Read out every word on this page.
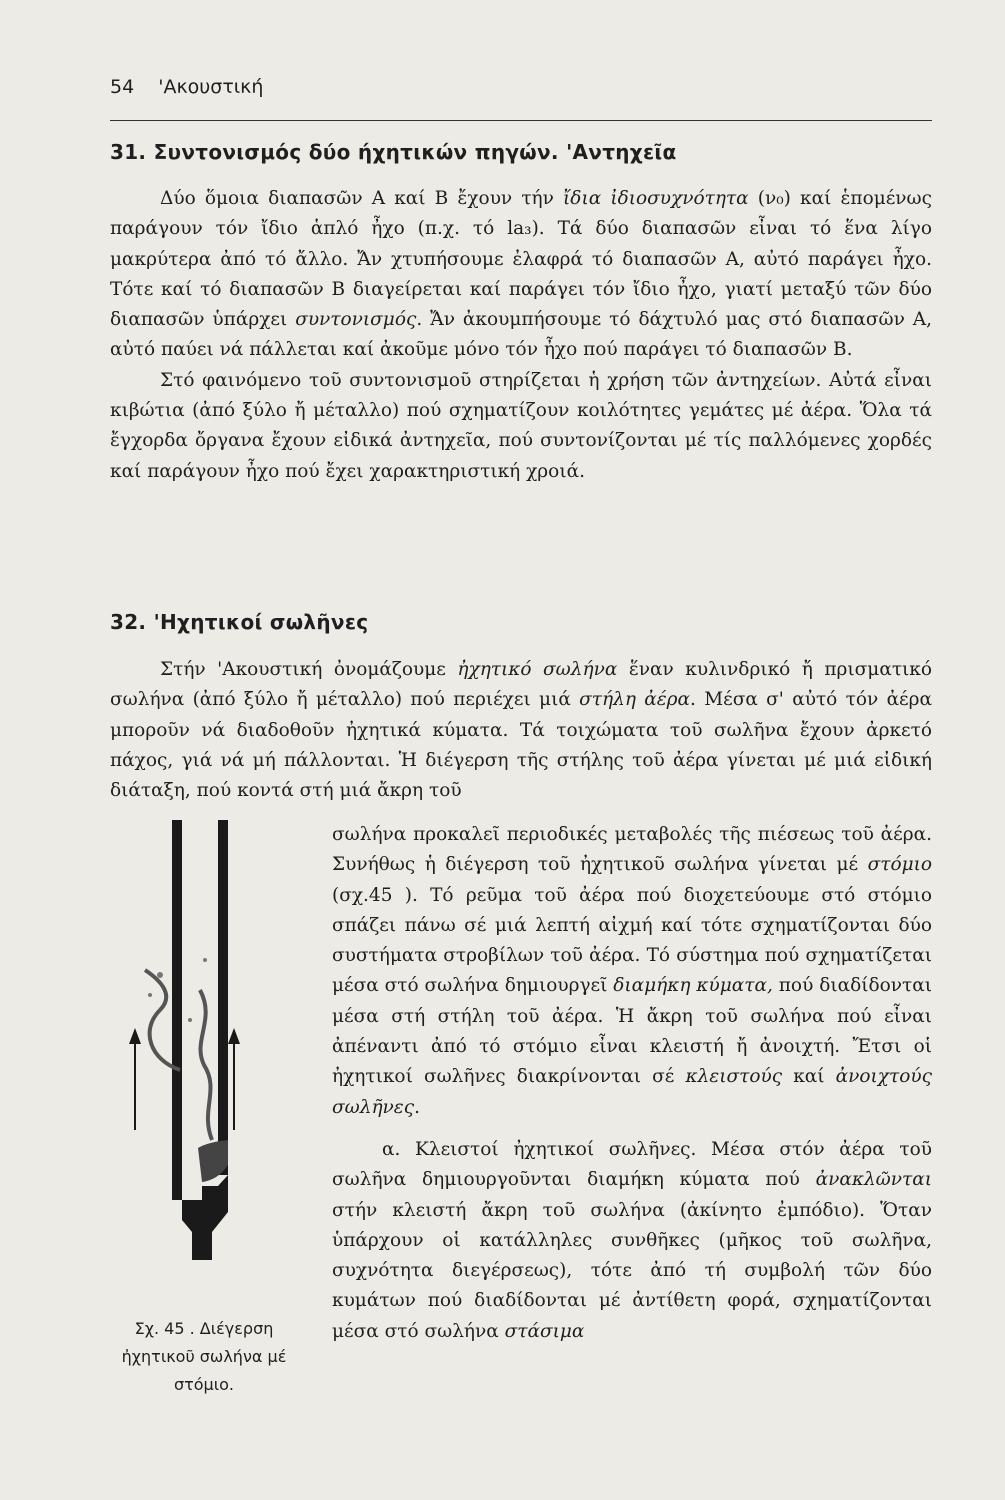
54 'Ακουστική
31. Συντονισμός δύο ήχητικών πηγών. 'Αντηχεῖα

Δύο ὅμοια διαπασῶν Α καί Β ἔχουν τήν ἴδια ἰδιοσυχνότητα (ν₀) καί ἑπομένως παράγουν τόν ἴδιο ἁπλό ἦχο (π.χ. τό la₃). Τά δύο διαπασῶν εἶναι τό ἕνα λίγο μακρύτερα ἀπό τό ἄλλο. Ἄν χτυπήσουμε ἐλαφρά τό διαπασῶν Α, αὐτό παράγει ἦχο. Τότε καί τό διαπασῶν Β διαγείρεται καί παράγει τόν ἴδιο ἦχο, γιατί μεταξύ τῶν δύο διαπασῶν ὑπάρχει συντονισμός. Ἄν ἀκουμπήσουμε τό δάχτυλό μας στό διαπασῶν Α, αὐτό παύει νά πάλλεται καί ἀκοῦμε μόνο τόν ἦχο πού παράγει τό διαπασῶν Β.

Στό φαινόμενο τοῦ συντονισμοῦ στηρίζεται ἡ χρήση τῶν ἀντηχείων. Αὐτά εἶναι κιβώτια (ἀπό ξύλο ἤ μέταλλο) πού σχηματίζουν κοιλότητες γεμάτες μέ ἀέρα. Ὅλα τά ἔγχορδα ὄργανα ἔχουν εἰδικά ἀντηχεῖα, πού συντονίζονται μέ τίς παλλόμενες χορδές καί παράγουν ἦχο πού ἔχει χαρακτηριστική χροιά.

32. 'Ηχητικοί σωλῆνες

Στήν 'Ακουστική ὀνομάζουμε ἠχητικό σωλήνα ἕναν κυλινδρικό ἤ πρισματικό σωλήνα (ἀπό ξύλο ἤ μέταλλο) πού περιέχει μιά στήλη ἀέρα. Μέσα σ' αὐτό τόν ἀέρα μποροῦν νά διαδοθοῦν ἠχητικά κύματα. Τά τοιχώματα τοῦ σωλῆνα ἔχουν ἀρκετό πάχος, γιά νά μή πάλλονται. Ἡ διέγερση τῆς στήλης τοῦ ἀέρα γίνεται μέ μιά εἰδική διάταξη, πού κοντά στή μιά ἄκρη τοῦ

σωλήνα προκαλεῖ περιοδικές μεταβολές τῆς πιέσεως τοῦ ἀέρα. Συνήθως ἡ διέγερση τοῦ ἠχητικοῦ σωλήνα γίνεται μέ στόμιο (σχ.45 ). Τό ρεῦμα τοῦ ἀέρα πού διοχετεύουμε στό στόμιο σπάζει πάνω σέ μιά λεπτή αἰχμή καί τότε σχηματίζονται δύο συστήματα στροβίλων τοῦ ἀέρα. Τό σύστημα πού σχηματίζεται μέσα στό σωλήνα δημιουργεῖ διαμήκη κύματα, πού διαδίδονται μέσα στή στήλη τοῦ ἀέρα. Ἡ ἄκρη τοῦ σωλήνα πού εἶναι ἀπέναντι ἀπό τό στόμιο εἶναι κλειστή ἤ ἀνοιχτή. Ἔτσι οἱ ἠχητικοί σωλῆνες διακρίνονται σέ κλειστούς καί ἀνοιχτούς σωλῆνες.

α. Κλειστοί ἠχητικοί σωλῆνες. Μέσα στόν ἀέρα τοῦ σωλῆνα δημιουργοῦνται διαμήκη κύματα πού ἀνακλῶνται στήν κλειστή ἄκρη τοῦ σωλήνα (ἀκίνητο ἐμπόδιο). Ὅταν ὑπάρχουν οἱ κατάλληλες συνθῆκες (μῆκος τοῦ σωλῆνα, συχνότητα διεγέρσεως), τότε ἀπό τή συμβολή τῶν δύο κυμάτων πού διαδίδονται μέ ἀντίθετη φορά, σχηματίζονται μέσα στό σωλήνα στάσιμα

Σχ. 45 . Διέγερση ἠχητικοῦ σωλήνα μέ στόμιο.
